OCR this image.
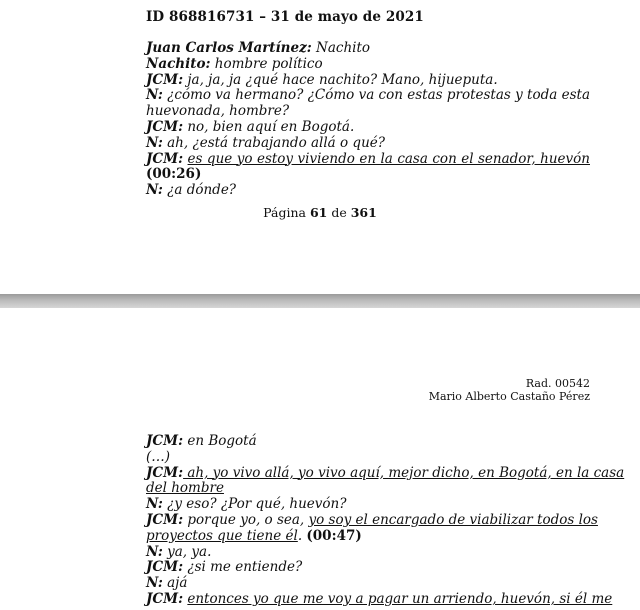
ID 868816731 – 31 de mayo de 2021
Juan Carlos Martínez: Nachito
Nachito: hombre político
JCM: ja, ja, ja ¿qué hace nachito? Mano, hijueputa.
N: ¿cómo va hermano? ¿Cómo va con estas protestas y toda esta
huevonada, hombre?
JCM: no, bien aquí en Bogotá.
N: ah, ¿está trabajando allá o qué?
JCM: es que yo estoy viviendo en la casa con el senador, huevón
(00:26)
N: ¿a dónde?
Página 61 de 361
Rad. 00542
Mario Alberto Castaño Pérez
JCM: en Bogotá
(…)
JCM: ah, yo vivo allá, yo vivo aquí, mejor dicho, en Bogotá, en la casa
del hombre
N: ¿y eso? ¿Por qué, huevón?
JCM: porque yo, o sea, yo soy el encargado de viabilizar todos los
proyectos que tiene él. (00:47)
N: ya, ya.
JCM: ¿si me entiende?
N: ajá
JCM: entonces yo que me voy a pagar un arriendo, huevón, si él me
